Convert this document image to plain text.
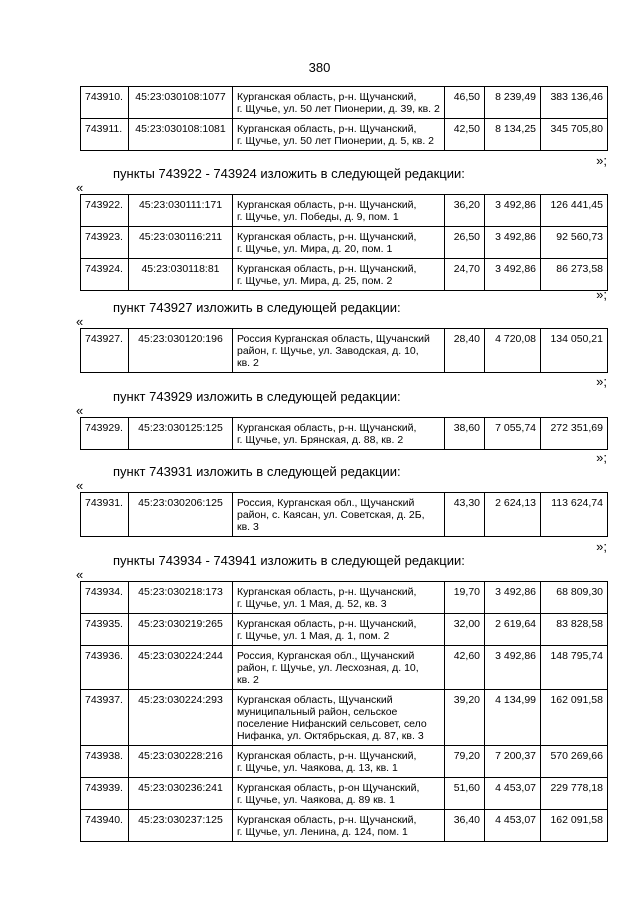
380
743910.	45:23:030108:1077	Курганская область, р-н. Щучанский,
г. Щучье, ул. 50 лет Пионерии, д. 39, кв. 2	46,50	8 239,49	383 136,46
743911.	45:23:030108:1081	Курганская область, р-н. Щучанский,
г. Щучье, ул. 50 лет Пионерии, д. 5, кв. 2	42,50	8 134,25	345 705,80
»;
пункты 743922 - 743924 изложить в следующей редакции:
«
743922.	45:23:030111:171	Курганская область, р-н. Щучанский,
г. Щучье, ул. Победы, д. 9, пом. 1	36,20	3 492,86	126 441,45
743923.	45:23:030116:211	Курганская область, р-н. Щучанский,
г. Щучье, ул. Мира, д. 20, пом. 1	26,50	3 492,86	92 560,73
743924.	45:23:030118:81	Курганская область, р-н. Щучанский,
г. Щучье, ул. Мира, д. 25, пом. 2	24,70	3 492,86	86 273,58
»;
пункт 743927 изложить в следующей редакции:
«
743927.	45:23:030120:196	Россия Курганская область, Щучанский
район, г. Щучье, ул. Заводская, д. 10,
кв. 2
	28,40	4 720,08	134 050,21
»;
пункт 743929 изложить в следующей редакции:
«
743929.	45:23:030125:125	Курганская область, р-н. Щучанский,
г. Щучье, ул. Брянская, д. 88, кв. 2
	38,60	7 055,74	272 351,69
»;
пункт 743931 изложить в следующей редакции:
«
743931.	45:23:030206:125	Россия, Курганская обл., Щучанский
район, с. Каясан, ул. Советская, д. 2Б,
кв. 3
	43,30	2 624,13	113 624,74
»;
пункты 743934 - 743941 изложить в следующей редакции:
«
743934.	45:23:030218:173	Курганская область, р-н. Щучанский,
г. Щучье, ул. 1 Мая, д. 52, кв. 3	19,70	3 492,86	68 809,30
743935.	45:23:030219:265	Курганская область, р-н. Щучанский,
г. Щучье, ул. 1 Мая, д. 1, пом. 2	32,00	2 619,64	83 828,58
743936.	45:23:030224:244	Россия, Курганская обл., Щучанский
район, г. Щучье, ул. Лесхозная, д. 10,
кв. 2	42,60	3 492,86	148 795,74
743937.	45:23:030224:293	Курганская область, Щучанский
муниципальный район, сельское
поселение Нифанский сельсовет, село
Нифанка, ул. Октябрьская, д. 87, кв. 3	39,20	4 134,99	162 091,58
743938.	45:23:030228:216	Курганская область, р-н. Щучанский,
г. Щучье, ул. Чаякова, д. 13, кв. 1	79,20	7 200,37	570 269,66
743939.	45:23:030236:241	Курганская область, р-он Щучанский,
г. Щучье, ул. Чаякова, д. 89 кв. 1	51,60	4 453,07	229 778,18
743940.	45:23:030237:125	Курганская область, р-н. Щучанский,
г. Щучье, ул. Ленина, д. 124, пом. 1	36,40	4 453,07	162 091,58
